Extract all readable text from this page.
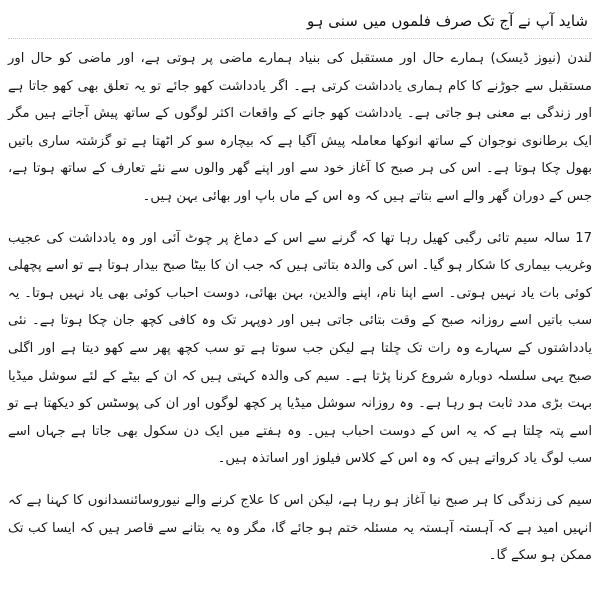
شاید آپ نے آج تک صرف فلموں میں سنی ہو

لندن (نیوز ڈیسک) ہمارے حال اور مستقبل کی بنیاد ہمارے ماضی پر ہوتی ہے، اور ماضی کو حال اور مستقبل سے جوڑنے کا کام ہماری یادداشت کرتی ہے۔ اگر یادداشت کھو جائے تو یہ تعلق بھی کھو جاتا ہے اور زندگی بے معنی ہو جاتی ہے۔ یادداشت کھو جانے کے واقعات اکثر لوگوں کے ساتھ پیش آجاتے ہیں مگر ایک برطانوی نوجوان کے ساتھ انوکھا معاملہ پیش آگیا ہے کہ بیچارہ سو کر اٹھتا ہے تو گزشتہ ساری باتیں بھول چکا ہوتا ہے۔ اس کی ہر صبح کا آغاز خود سے اور اپنے گھر والوں سے نئے تعارف کے ساتھ ہوتا ہے، جس کے دوران گھر والے اسے بتاتے ہیں کہ وہ اس کے ماں باپ اور بھائی بہن ہیں۔

17 سالہ سیم تائی رگبی کھیل رہا تھا کہ گرنے سے اس کے دماغ پر چوٹ آئی اور وہ یادداشت کی عجیب وغریب بیماری کا شکار ہو گیا۔ اس کی والدہ بتاتی ہیں کہ جب ان کا بیٹا صبح بیدار ہوتا ہے تو اسے پچھلی کوئی بات یاد نہیں ہوتی۔ اسے اپنا نام، اپنے والدین، بہن بھائی، دوست احباب کوئی بھی یاد نہیں ہوتا۔ یہ سب باتیں اسے روزانہ صبح کے وقت بتائی جاتی ہیں اور دوپہر تک وہ کافی کچھ جان چکا ہوتا ہے۔ نئی یادداشتوں کے سہارے وہ رات تک چلتا ہے لیکن جب سوتا ہے تو سب کچھ پھر سے کھو دیتا ہے اور اگلی صبح یہی سلسلہ دوبارہ شروع کرنا پڑتا ہے۔ سیم کی والدہ کہتی ہیں کہ ان کے بیٹے کے لئے سوشل میڈیا بہت بڑی مدد ثابت ہو رہا ہے۔ وہ روزانہ سوشل میڈیا پر کچھ لوگوں اور ان کی پوسٹس کو دیکھتا ہے تو اسے پتہ چلتا ہے کہ یہ اس کے دوست احباب ہیں۔ وہ ہفتے میں ایک دن سکول بھی جاتا ہے جہاں اسے سب لوگ یاد کرواتے ہیں کہ وہ اس کے کلاس فیلوز اور اساتذہ ہیں۔

سیم کی زندگی کا ہر صبح نیا آغاز ہو رہا ہے، لیکن اس کا علاج کرنے والے نیوروسائنسدانوں کا کہنا ہے کہ انہیں امید ہے کہ آہستہ آہستہ یہ مسئلہ ختم ہو جائے گا، مگر وہ یہ بتانے سے قاصر ہیں کہ ایسا کب تک ممکن ہو سکے گا۔
